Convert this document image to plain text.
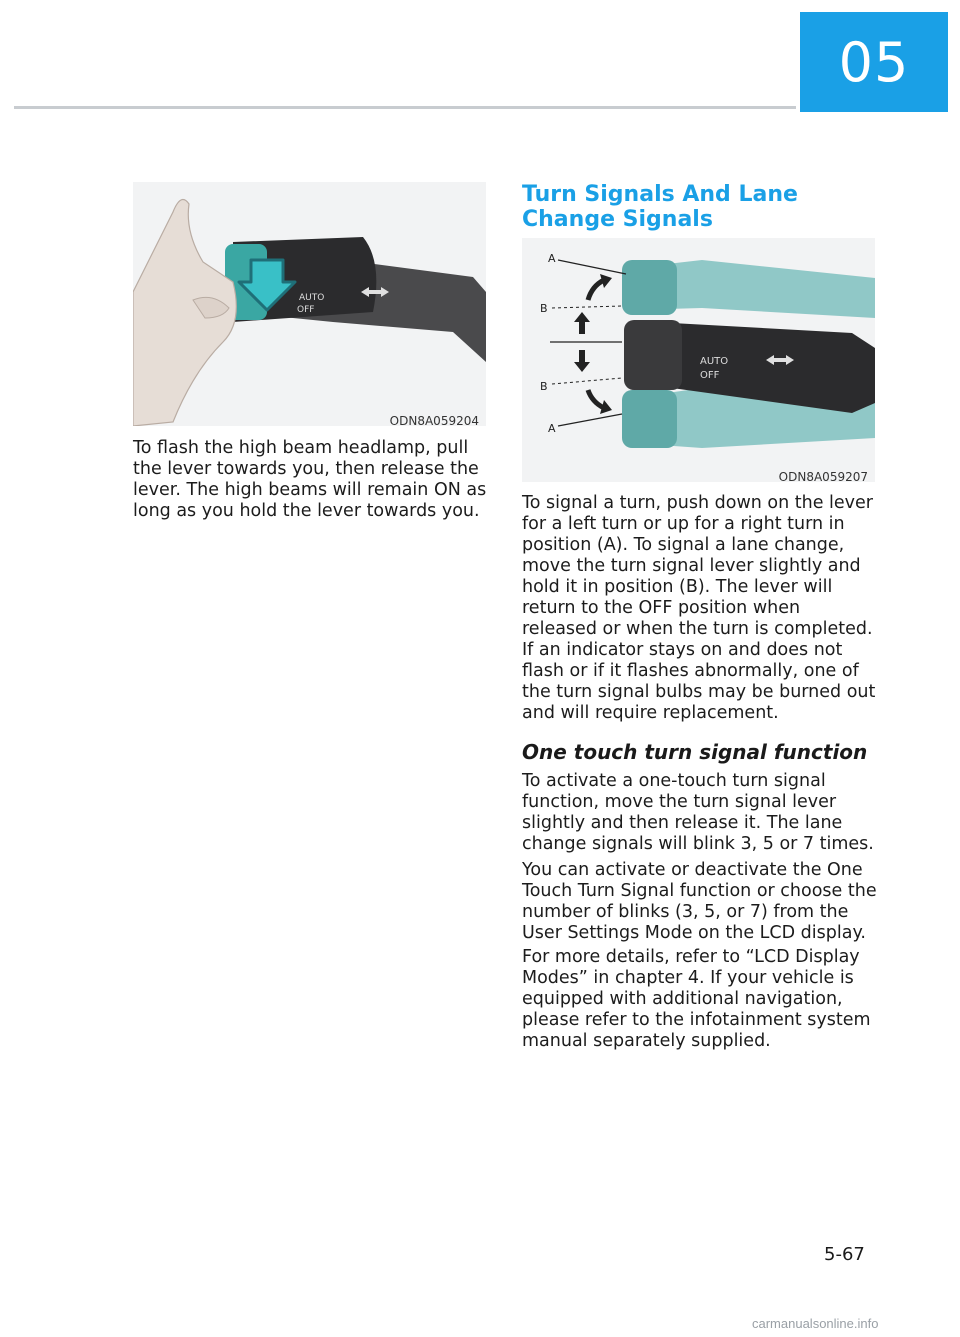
05
AUTO
OFF
ODN8A059204

To flash the high beam headlamp, pull the lever towards you, then release the lever. The high beams will remain ON as long as you hold the lever towards you.

Turn Signals And Lane Change Signals
AUTO
OFF
A
B
B
A
ODN8A059207

To signal a turn, push down on the lever for a left turn or up for a right turn in position (A). To signal a lane change, move the turn signal lever slightly and hold it in position (B). The lever will return to the OFF position when released or when the turn is completed.

If an indicator stays on and does not flash or if it flashes abnormally, one of the turn signal bulbs may be burned out and will require replacement.

One touch turn signal function

To activate a one-touch turn signal function, move the turn signal lever slightly and then release it. The lane change signals will blink 3, 5 or 7 times.

You can activate or deactivate the One Touch Turn Signal function or choose the number of blinks (3, 5, or 7) from the User Settings Mode on the LCD display.

For more details, refer to “LCD Display Modes” in chapter 4. If your vehicle is equipped with additional navigation, please refer to the infotainment system manual separately supplied.

5-67
carmanualsonline.info
